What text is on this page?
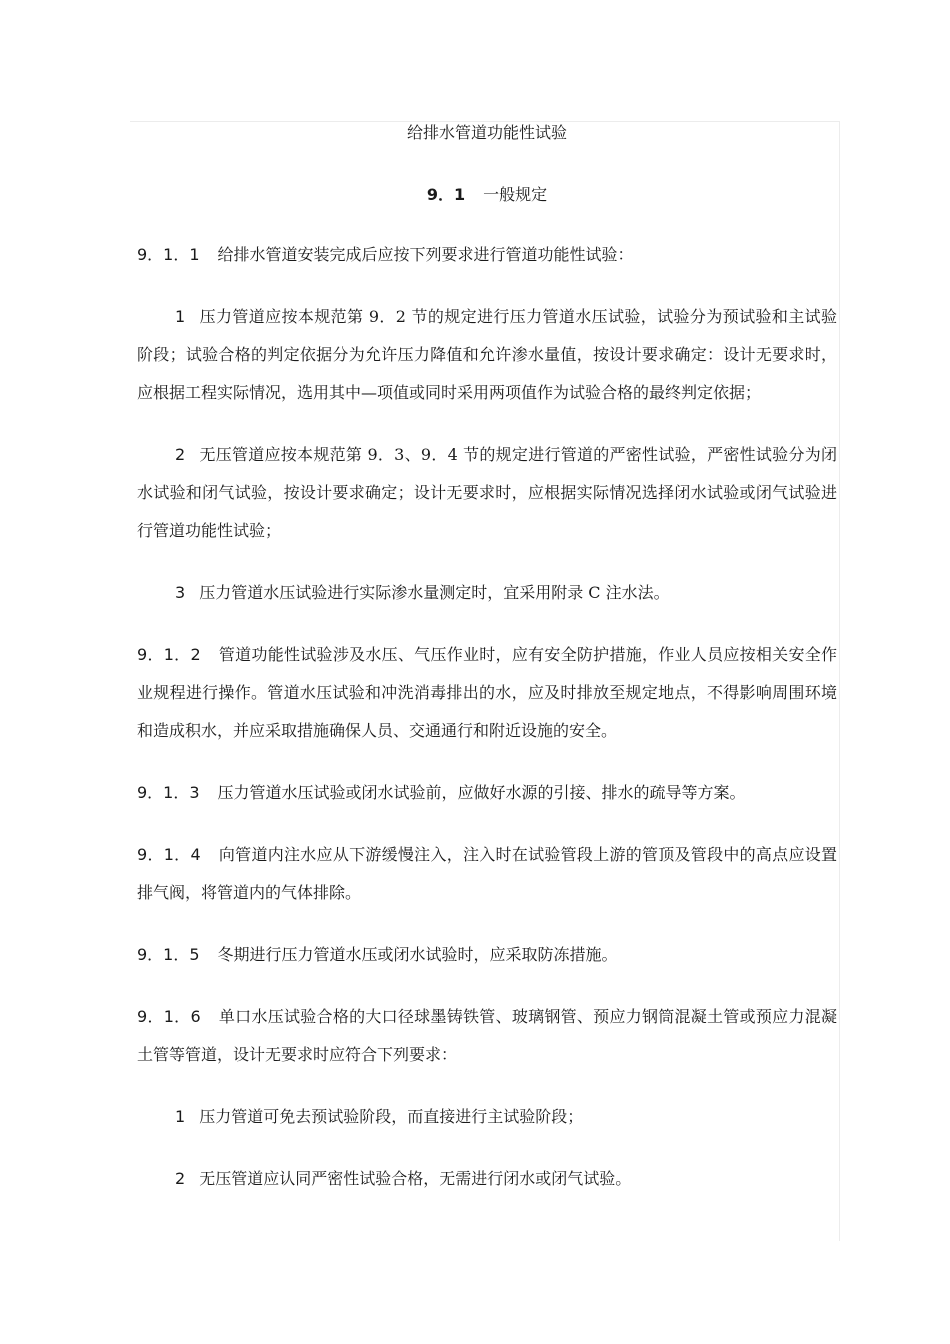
给排水管道功能性试验
9．1 一般规定

9．1．1 给排水管道安装完成后应按下列要求进行管道功能性试验：

1 压力管道应按本规范第 9．2 节的规定进行压力管道水压试验，试验分为预试验和主试验阶段；试验合格的判定依据分为允许压力降值和允许渗水量值，按设计要求确定：设计无要求时，应根据工程实际情况，选用其中—项值或同时采用两项值作为试验合格的最终判定依据；

2 无压管道应按本规范第 9．3、9．4 节的规定进行管道的严密性试验，严密性试验分为闭水试验和闭气试验，按设计要求确定；设计无要求时，应根据实际情况选择闭水试验或闭气试验进行管道功能性试验；

3 压力管道水压试验进行实际渗水量测定时，宜采用附录 C 注水法。

9．1．2 管道功能性试验涉及水压、气压作业时，应有安全防护措施，作业人员应按相关安全作业规程进行操作。管道水压试验和冲洗消毒排出的水，应及时排放至规定地点，不得影响周围环境和造成积水，并应采取措施确保人员、交通通行和附近设施的安全。

9．1．3 压力管道水压试验或闭水试验前，应做好水源的引接、排水的疏导等方案。

9．1．4 向管道内注水应从下游缓慢注入，注入时在试验管段上游的管顶及管段中的高点应设置排气阀，将管道内的气体排除。

9．1．5 冬期进行压力管道水压或闭水试验时，应采取防冻措施。

9．1．6 单口水压试验合格的大口径球墨铸铁管、玻璃钢管、预应力钢筒混凝土管或预应力混凝土管等管道，设计无要求时应符合下列要求：

1 压力管道可免去预试验阶段，而直接进行主试验阶段；

2 无压管道应认同严密性试验合格，无需进行闭水或闭气试验。
